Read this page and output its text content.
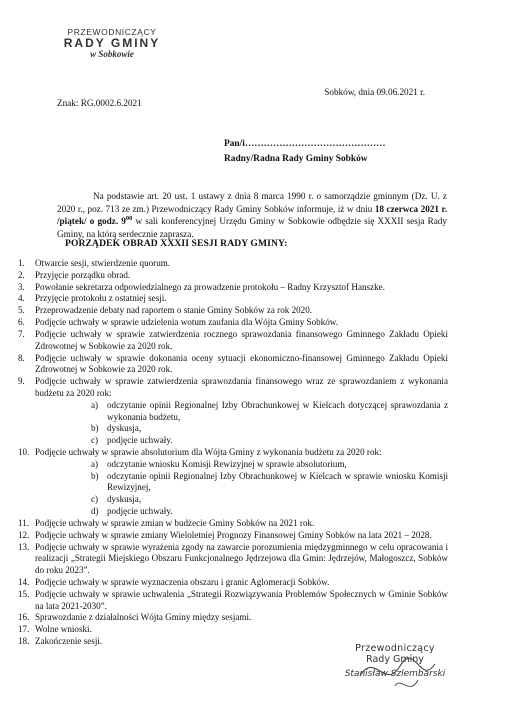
PRZEWODNICZĄCY
RADY GMINY
w Sobkowie
Sobków, dnia 09.06.2021 r.
Znak: RG.0002.6.2021
Pan/i………………………………………
Radny/Radna Rady Gminy Sobków

Na podstawie art. 20 ust. 1 ustawy z dnia 8 marca 1990 r. o samorządzie gminnym (Dz. U. z 2020 r., poz. 713 ze zm.) Przewodniczący Rady Gminy Sobków informuje, iż w dniu 18 czerwca 2021 r. /piątek/ o godz. $9^{00}$ w sali konferencyjnej Urzędu Gminy w Sobkowie odbędzie się XXXII sesja Rady Gminy, na którą serdecznie zaprasza.

PORZĄDEK OBRAD XXXII SESJI RADY GMINY:
1. Otwarcie sesji, stwierdzenie quorum.
2. Przyjęcie porządku obrad.
3. Powołanie sekretarza odpowiedzialnego za prowadzenie protokołu – Radny Krzysztof Hanszke.
4. Przyjęcie protokołu z ostatniej sesji.
5. Przeprowadzenie debaty nad raportem o stanie Gminy Sobków za rok 2020.
6. Podjęcie uchwały w sprawie udzielenia wotum zaufania dla Wójta Gminy Sobków.
7. Podjęcie uchwały w sprawie zatwierdzenia rocznego sprawozdania finansowego Gminnego Zakładu Opieki Zdrowotnej w Sobkowie za 2020 rok.
8. Podjęcie uchwały w sprawie dokonania oceny sytuacji ekonomiczno-finansowej Gminnego Zakładu Opieki Zdrowotnej w Sobkowie za 2020 rok.
9. Podjęcie uchwały w sprawie zatwierdzenia sprawozdania finansowego wraz ze sprawozdaniem z wykonania budżetu za 2020 rok:
a) odczytanie opinii Regionalnej Izby Obrachunkowej w Kielcach dotyczącej sprawozdania z wykonania budżetu,
b) dyskusja,
c) podjęcie uchwały.
10. Podjęcie uchwały w sprawie absolutorium dla Wójta Gminy z wykonania budżetu za 2020 rok:
a) odczytanie wniosku Komisji Rewizyjnej w sprawie absolutorium,
b) odczytanie opinii Regionalnej Izby Obrachunkowej w Kielcach w sprawie wniosku Komisji Rewizyjnej,
c) dyskusja,
d) podjęcie uchwały.
11. Podjęcie uchwały w sprawie zmian w budżecie Gminy Sobków na 2021 rok.
12. Podjęcie uchwały w sprawie zmiany Wieloletniej Prognozy Finansowej Gminy Sobków na lata 2021 – 2028.
13. Podjęcie uchwały w sprawie wyrażenia zgody na zawarcie porozumienia międzygminnego w celu opracowania i realizacji „Strategii Miejskiego Obszaru Funkcjonalnego Jędrzejowa dla Gmin: Jędrzejów, Małogoszcz, Sobków do roku 2023”.
14. Podjęcie uchwały w sprawie wyznaczenia obszaru i granic Aglomeracji Sobków.
15. Podjęcie uchwały w sprawie uchwalenia „Strategii Rozwiązywania Problemów Społecznych w Gminie Sobków na lata 2021-2030”.
16. Sprawozdanie z działalności Wójta Gminy między sesjami.
17. Wolne wnioski.
18. Zakończenie sesji.
Przewodniczący
Rady Gminy
Stanisław Szlembarski
